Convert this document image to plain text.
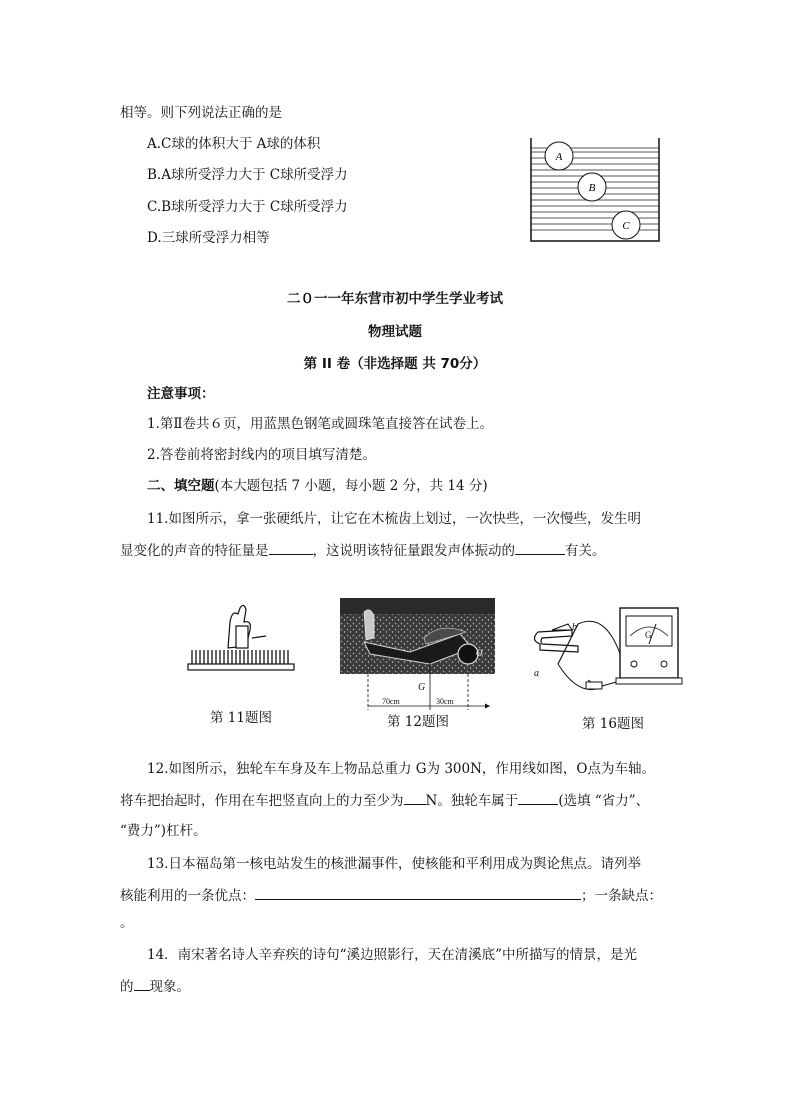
相等。则下列说法正确的是
A.C球的体积大于 A球的体积
B.A球所受浮力大于 C球所受浮力
C.B球所受浮力大于 C球所受浮力
D.三球所受浮力相等
A
B
C
二０一一年东营市初中学生学业考试
物理试题
第 II 卷（非选择题 共 70分）
注意事项：
1.第Ⅱ卷共６页，用蓝黑色钢笔或圆珠笔直接答在试卷上。
2.答卷前将密封线内的项目填写清楚。
二、填空题(本大题包括 7 小题，每小题 2 分，共 14 分)
11.如图所示，拿一张硬纸片，让它在木梳齿上划过，一次快些，一次慢些，发生明
显变化的声音的特征量是	，这说明该特征量跟发声体振动的	有关。
第 11题图
O
G
70cm	30cm
第 12题图
a
b
G
第 16题图
12.如图所示，独轮车车身及车上物品总重力 G为 300N，作用线如图，O点为车轴。
将车把抬起时，作用在车把竖直向上的力至少为 N。独轮车属于	(选填 “省力”、
“费力”)杠杆。
13.日本福岛第一核电站发生的核泄漏事件，使核能和平利用成为舆论焦点。请列举
核能利用的一条优点：	；一条缺点：
。
14．南宋著名诗人辛弃疾的诗句“溪边照影行，天在清溪底”中所描写的情景，是光
的 现象。
